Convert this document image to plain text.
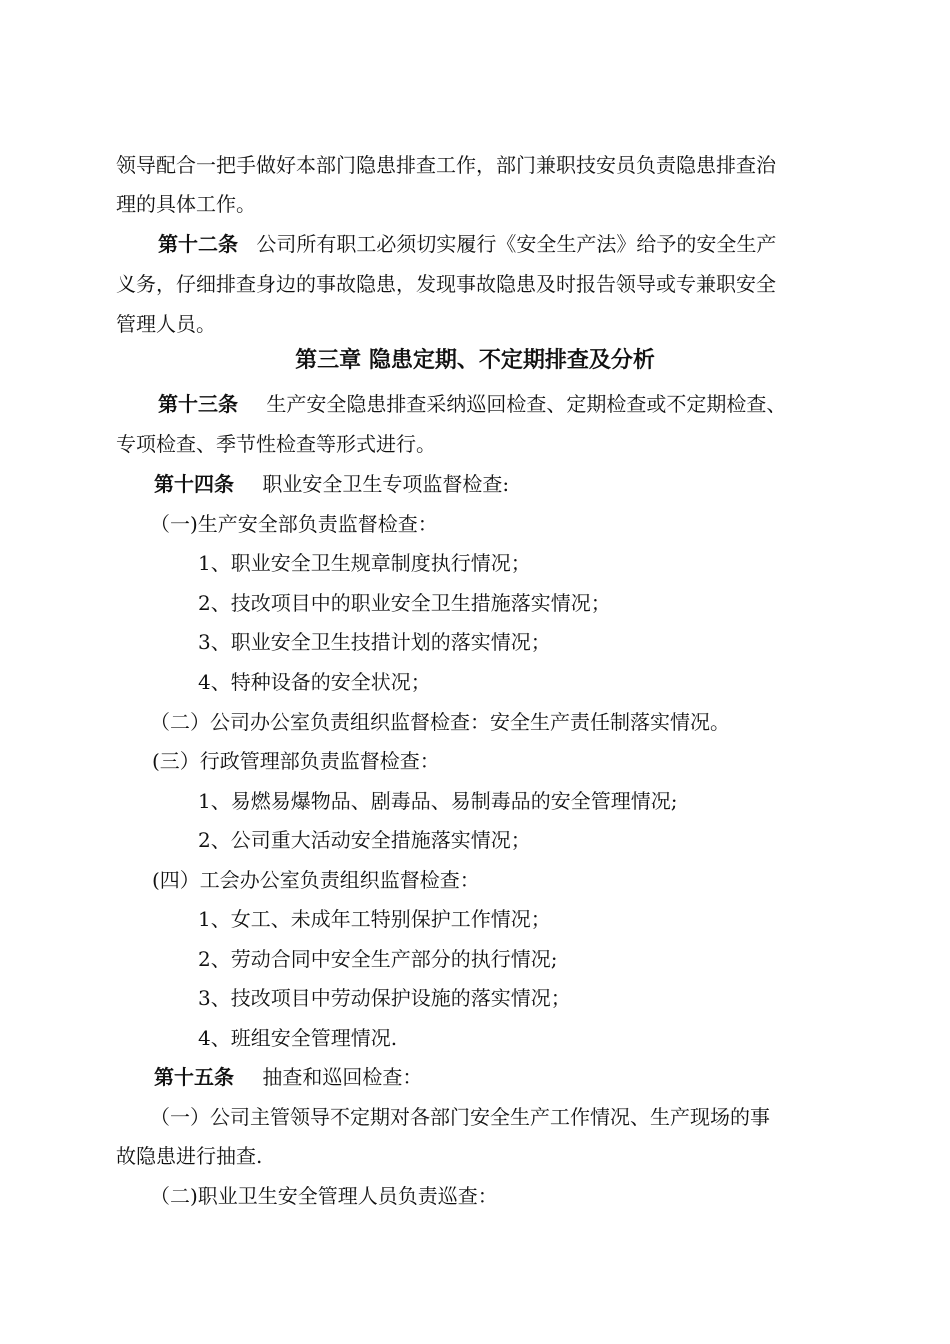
领导配合一把手做好本部门隐患排查工作，部门兼职技安员负责隐患排查治
理的具体工作。
第十二条 公司所有职工必须切实履行《安全生产法》给予的安全生产
义务，仔细排查身边的事故隐患，发现事故隐患及时报告领导或专兼职安全
管理人员。
第三章 隐患定期、不定期排查及分析
第十三条 生产安全隐患排查采纳巡回检查、定期检查或不定期检查、
专项检查、季节性检查等形式进行。
第十四条 职业安全卫生专项监督检查:
（一)生产安全部负责监督检查：
1、职业安全卫生规章制度执行情况；
2、技改项目中的职业安全卫生措施落实情况；
3、职业安全卫生技措计划的落实情况；
4、特种设备的安全状况；
（二）公司办公室负责组织监督检查：安全生产责任制落实情况。
(三）行政管理部负责监督检查：
1、易燃易爆物品、剧毒品、易制毒品的安全管理情况;
2、公司重大活动安全措施落实情况；
(四）工会办公室负责组织监督检查：
1、女工、未成年工特别保护工作情况；
2、劳动合同中安全生产部分的执行情况;
3、技改项目中劳动保护设施的落实情况；
4、班组安全管理情况.
第十五条 抽查和巡回检查：
（一）公司主管领导不定期对各部门安全生产工作情况、生产现场的事
故隐患进行抽查.
（二)职业卫生安全管理人员负责巡查：
